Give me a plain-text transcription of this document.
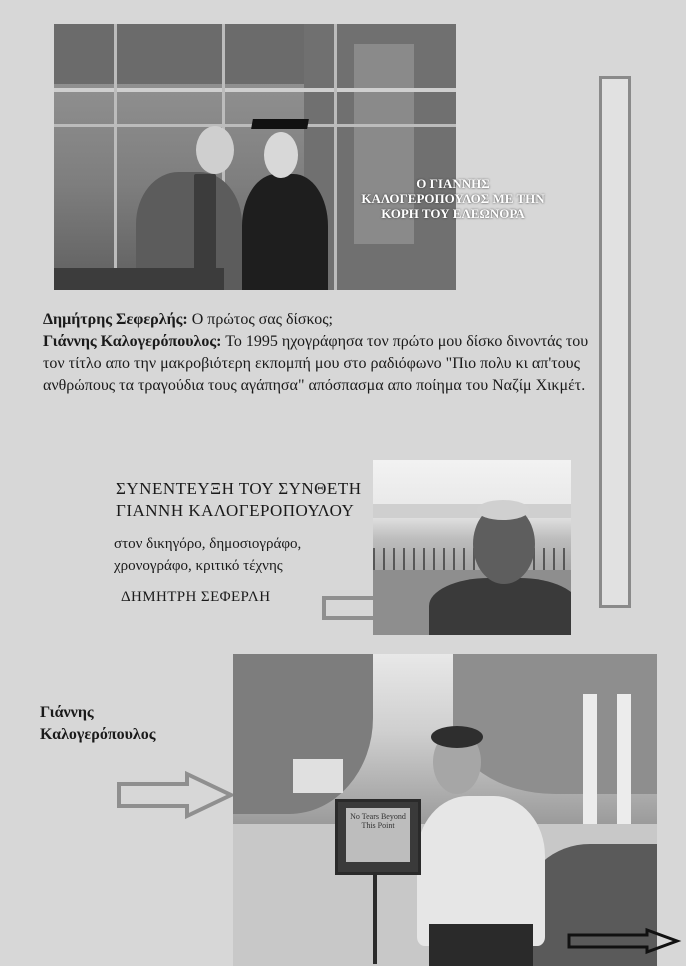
Ο ΓΙΑΝΝΗΣ ΚΑΛΟΓΕΡΟΠΟΥΛΟΣ ΜΕ ΤΗΝ ΚΟΡΗ ΤΟΥ ΕΛΕΩΝΟΡΑ

Δημήτρης Σεφερλής: Ο πρώτος σας δίσκος;

Γιάννης Καλογερόπουλος: Το 1995 ηχογράφησα τον πρώτο μου δίσκο δινοντάς του τον τίτλο απο την μακροβιότερη εκπομπή μου στο ραδιόφωνο "Πιο πολυ κι απ'τους ανθρώπους τα τραγούδια τους αγάπησα" απόσπασμα απο ποίημα του Ναζίμ Χικμέτ.

ΣΥΝΕΝΤΕΥΞΗ ΤΟΥ ΣΥΝΘΕΤΗ
ΓΙΑΝΝΗ ΚΑΛΟΓΕΡΟΠΟΥΛΟΥ
στον δικηγόρο, δημοσιογράφο,
χρονογράφο, κριτικό τέχνης
ΔΗΜΗΤΡΗ ΣΕΦΕΡΛΗ
Γιάννης
Καλογερόπουλος
No Tears Beyond This Point
